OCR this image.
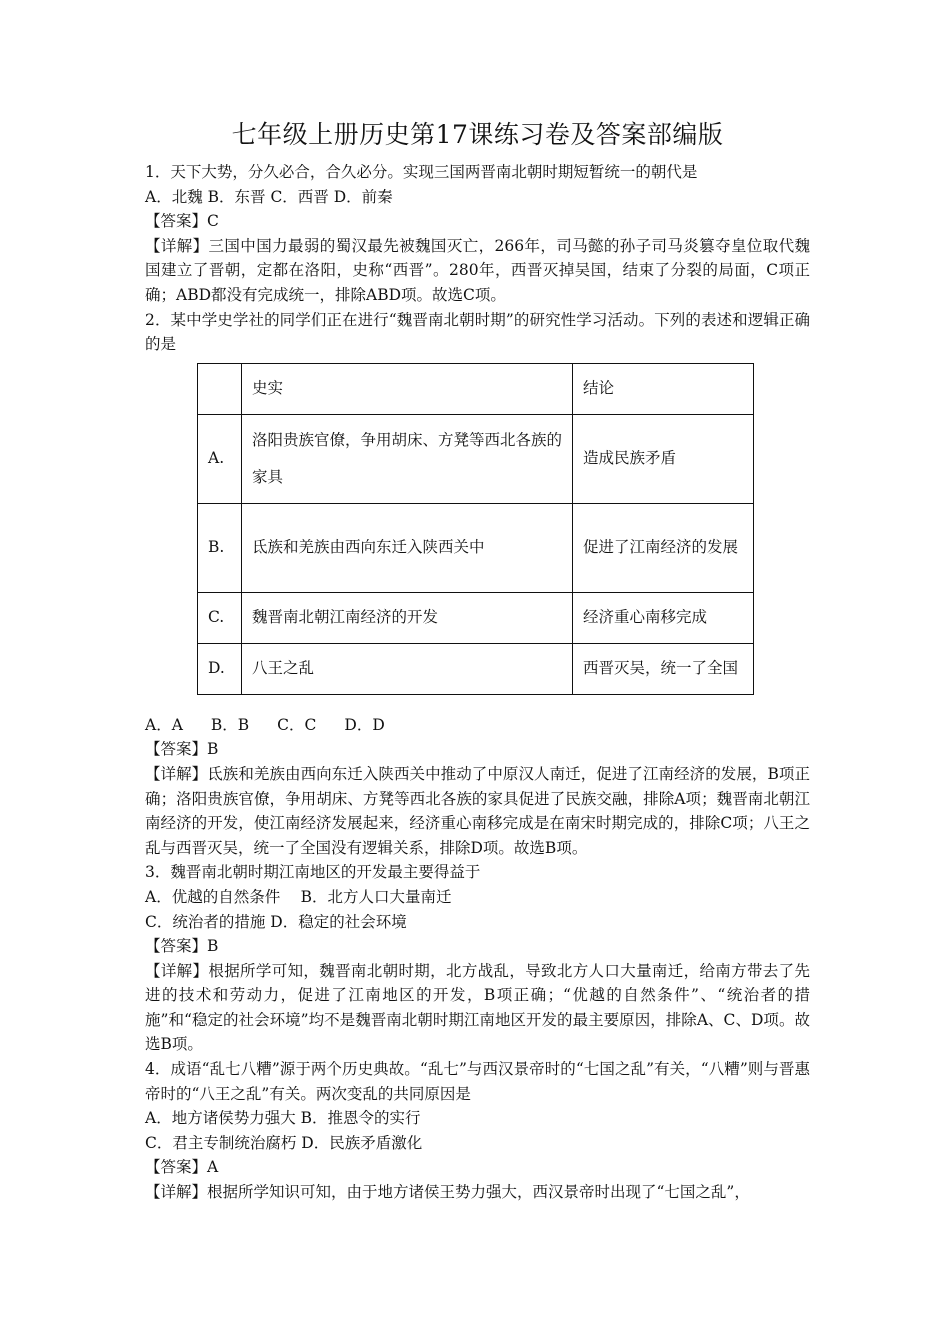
七年级上册历史第17课练习卷及答案部编版

1．天下大势，分久必合，合久必分。实现三国两晋南北朝时期短暂统一的朝代是

A．北魏 B．东晋 C．西晋 D．前秦

【答案】C

【详解】三国中国力最弱的蜀汉最先被魏国灭亡，266年，司马懿的孙子司马炎篡夺皇位取代魏国建立了晋朝，定都在洛阳，史称“西晋”。280年，西晋灭掉吴国，结束了分裂的局面，C项正确；ABD都没有完成统一，排除ABD项。故选C项。

2．某中学史学社的同学们正在进行“魏晋南北朝时期”的研究性学习活动。下列的表述和逻辑正确的是

	史实	结论
A.	洛阳贵族官僚，争用胡床、方凳等西北各族的家具	造成民族矛盾
B.	氐族和羌族由西向东迁入陕西关中	促进了江南经济的发展
C.	魏晋南北朝江南经济的开发	经济重心南移完成
D.	八王之乱	西晋灭吴，统一了全国

A．A B．B C．C D．D

【答案】B

【详解】氐族和羌族由西向东迁入陕西关中推动了中原汉人南迁，促进了江南经济的发展，B项正确；洛阳贵族官僚，争用胡床、方凳等西北各族的家具促进了民族交融，排除A项；魏晋南北朝江南经济的开发，使江南经济发展起来，经济重心南移完成是在南宋时期完成的，排除C项；八王之乱与西晋灭吴，统一了全国没有逻辑关系，排除D项。故选B项。

3．魏晋南北朝时期江南地区的开发最主要得益于

A．优越的自然条件　 B．北方人口大量南迁

C．统治者的措施 D．稳定的社会环境

【答案】B

【详解】根据所学可知，魏晋南北朝时期，北方战乱，导致北方人口大量南迁，给南方带去了先进的技术和劳动力，促进了江南地区的开发，B项正确；“优越的自然条件”、“统治者的措施”和“稳定的社会环境”均不是魏晋南北朝时期江南地区开发的最主要原因，排除A、C、D项。故选B项。

4．成语“乱七八糟”源于两个历史典故。“乱七”与西汉景帝时的“七国之乱”有关，“八糟”则与晋惠帝时的“八王之乱”有关。两次变乱的共同原因是

A．地方诸侯势力强大 B．推恩令的实行

C．君主专制统治腐朽 D．民族矛盾激化

【答案】A

【详解】根据所学知识可知，由于地方诸侯王势力强大，西汉景帝时出现了“七国之乱”，
